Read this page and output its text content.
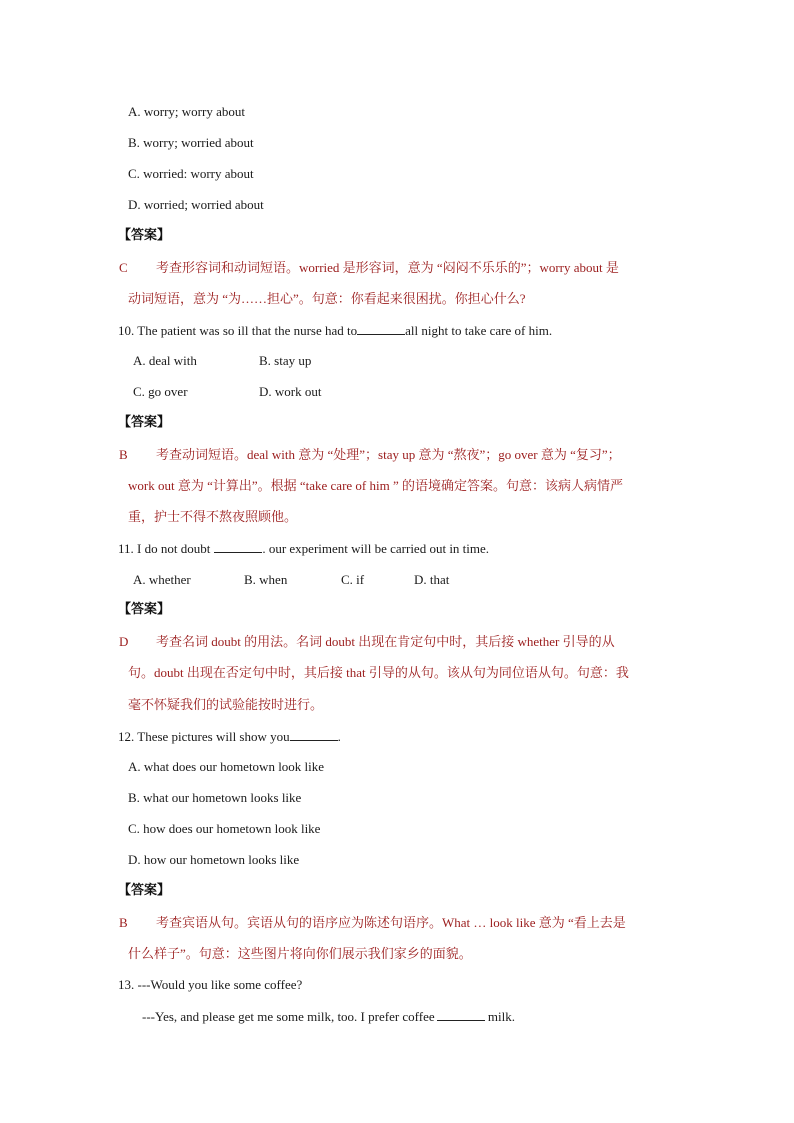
A. worry; worry about
B. worry; worried about
C. worried: worry about
D. worried; worried about
【答案】
C 考查形容词和动词短语。worried 是形容词，意为 “闷闷不乐乐的”；worry about 是
动词短语，意为 “为……担心”。句意：你看起来很困扰。你担心什么?
10. The patient was so ill that the nurse had to	all night to take care of him.
A. deal with	B. stay up
C. go over	D. work out
【答案】
B 考查动词短语。deal with 意为 “处理”；stay up 意为 “熬夜”；go over 意为 “复习”；
work out 意为 “计算出”。根据 “take care of him ” 的语境确定答案。句意：该病人病情严
重，护士不得不熬夜照顾他。
11. I do not doubt	. our experiment will be carried out in time.
A. whether	B. when	C. if	D. that
【答案】
D 考查名词 doubt 的用法。名词 doubt 出现在肯定句中时，其后接 whether 引导的从
句。doubt 出现在否定句中时，其后接 that 引导的从句。该从句为同位语从句。句意：我
毫不怀疑我们的试验能按时进行。
12. These pictures will show you	.
A. what does our hometown look like
B. what our hometown looks like
C. how does our hometown look like
D. how our hometown looks like
【答案】
B 考查宾语从句。宾语从句的语序应为陈述句语序。What … look like 意为 “看上去是
什么样子”。句意：这些图片将向你们展示我们家乡的面貌。
13. ---Would you like some coffee?
---Yes, and please get me some milk, too. I prefer coffee	milk.
